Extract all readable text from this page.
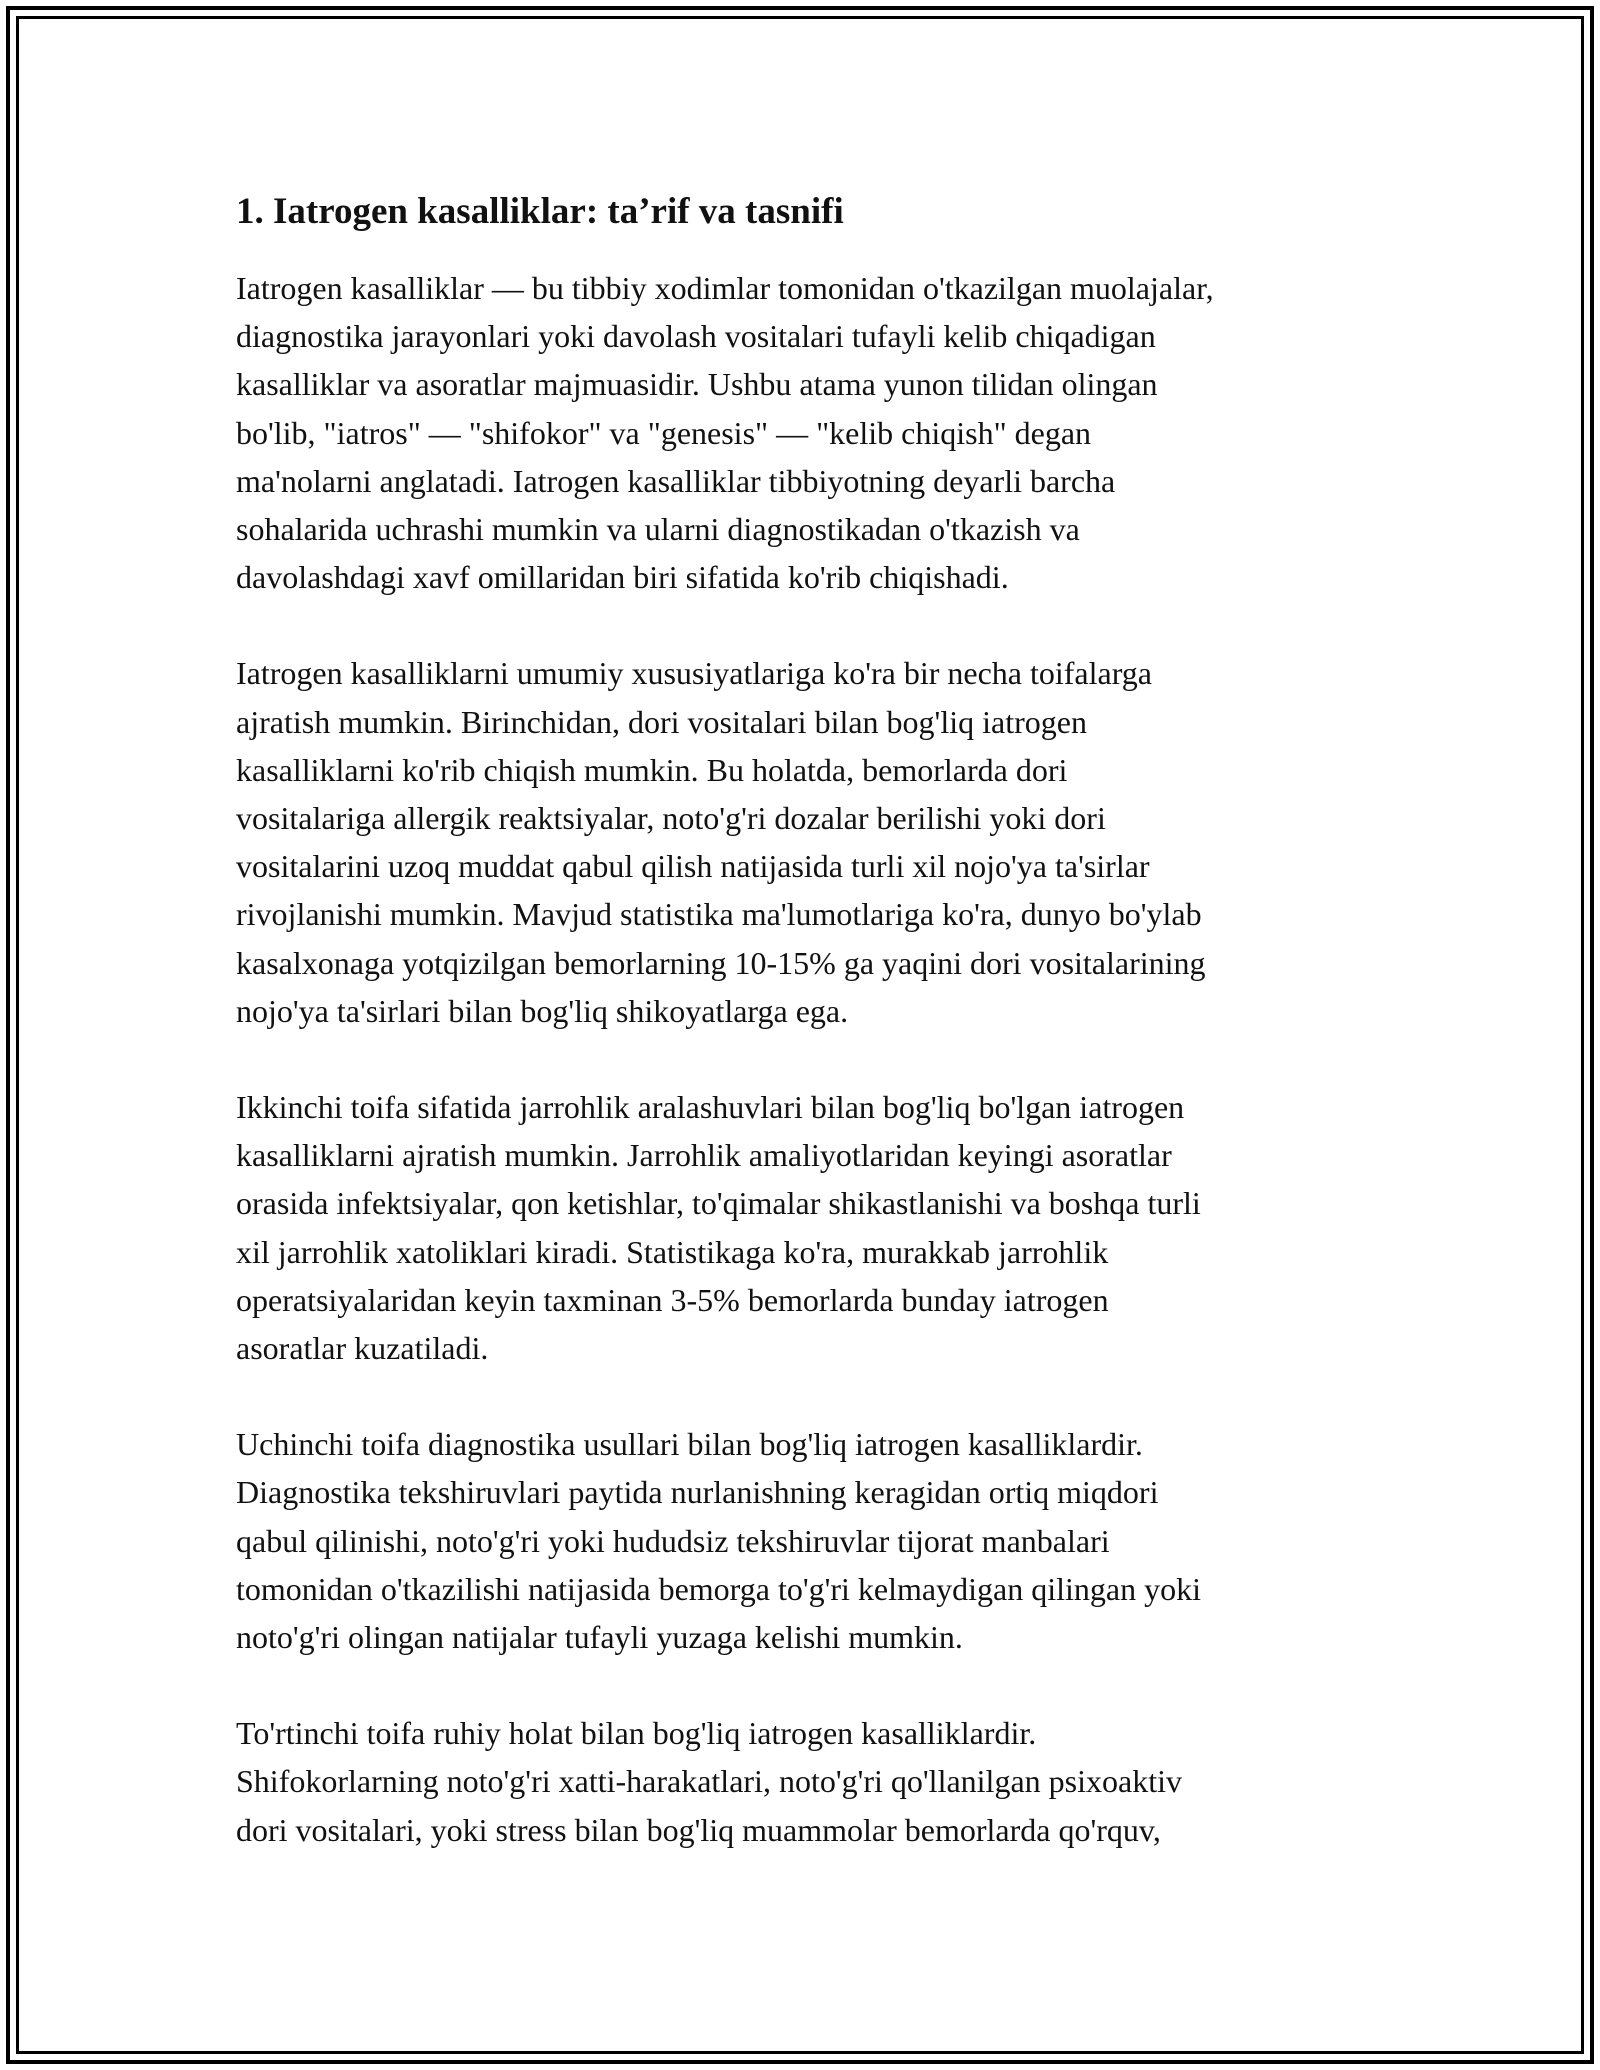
1. Iatrogen kasalliklar: ta’rif va tasnifi

Iatrogen kasalliklar — bu tibbiy xodimlar tomonidan o'tkazilgan muolajalar,
diagnostika jarayonlari yoki davolash vositalari tufayli kelib chiqadigan
kasalliklar va asoratlar majmuasidir. Ushbu atama yunon tilidan olingan
bo'lib, "iatros" — "shifokor" va "genesis" — "kelib chiqish" degan
ma'nolarni anglatadi. Iatrogen kasalliklar tibbiyotning deyarli barcha
sohalarida uchrashi mumkin va ularni diagnostikadan o'tkazish va
davolashdagi xavf omillaridan biri sifatida ko'rib chiqishadi.

Iatrogen kasalliklarni umumiy xususiyatlariga ko'ra bir necha toifalarga
ajratish mumkin. Birinchidan, dori vositalari bilan bog'liq iatrogen
kasalliklarni ko'rib chiqish mumkin. Bu holatda, bemorlarda dori
vositalariga allergik reaktsiyalar, noto'g'ri dozalar berilishi yoki dori
vositalarini uzoq muddat qabul qilish natijasida turli xil nojo'ya ta'sirlar
rivojlanishi mumkin. Mavjud statistika ma'lumotlariga ko'ra, dunyo bo'ylab
kasalxonaga yotqizilgan bemorlarning 10-15% ga yaqini dori vositalarining
nojo'ya ta'sirlari bilan bog'liq shikoyatlarga ega.

Ikkinchi toifa sifatida jarrohlik aralashuvlari bilan bog'liq bo'lgan iatrogen
kasalliklarni ajratish mumkin. Jarrohlik amaliyotlaridan keyingi asoratlar
orasida infektsiyalar, qon ketishlar, to'qimalar shikastlanishi va boshqa turli
xil jarrohlik xatoliklari kiradi. Statistikaga ko'ra, murakkab jarrohlik
operatsiyalaridan keyin taxminan 3-5% bemorlarda bunday iatrogen
asoratlar kuzatiladi.

Uchinchi toifa diagnostika usullari bilan bog'liq iatrogen kasalliklardir.
Diagnostika tekshiruvlari paytida nurlanishning keragidan ortiq miqdori
qabul qilinishi, noto'g'ri yoki hududsiz tekshiruvlar tijorat manbalari
tomonidan o'tkazilishi natijasida bemorga to'g'ri kelmaydigan qilingan yoki
noto'g'ri olingan natijalar tufayli yuzaga kelishi mumkin.

To'rtinchi toifa ruhiy holat bilan bog'liq iatrogen kasalliklardir.
Shifokorlarning noto'g'ri xatti-harakatlari, noto'g'ri qo'llanilgan psixoaktiv
dori vositalari, yoki stress bilan bog'liq muammolar bemorlarda qo'rquv,
